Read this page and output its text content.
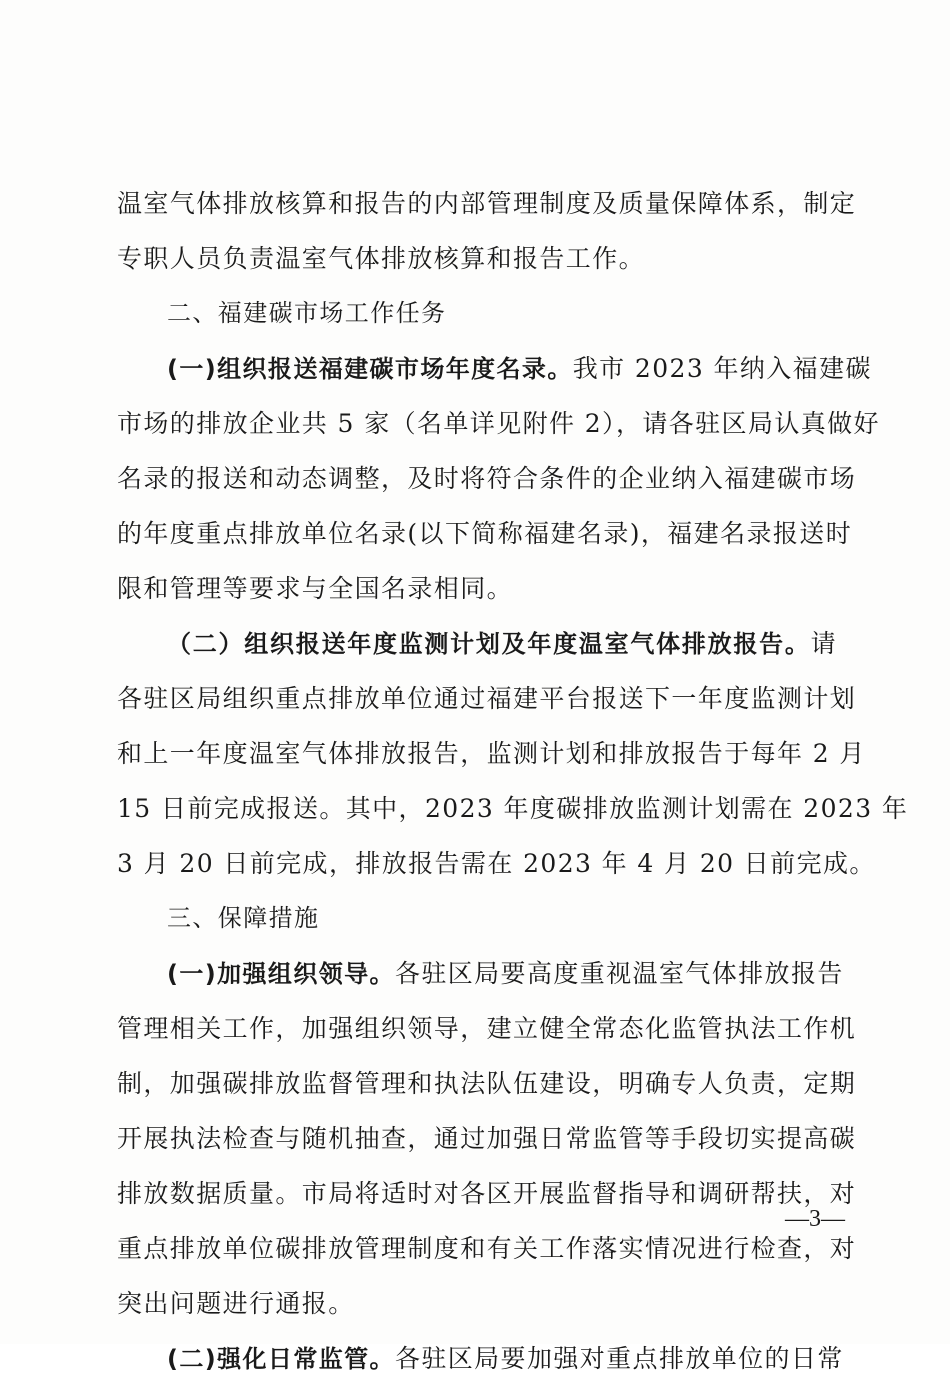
温室气体排放核算和报告的内部管理制度及质量保障体系，制定
专职人员负责温室气体排放核算和报告工作。
二、福建碳市场工作任务
(一)组织报送福建碳市场年度名录。我市 2023 年纳入福建碳
市场的排放企业共 5 家（名单详见附件 2），请各驻区局认真做好
名录的报送和动态调整，及时将符合条件的企业纳入福建碳市场
的年度重点排放单位名录(以下简称福建名录)，福建名录报送时
限和管理等要求与全国名录相同。
（二）组织报送年度监测计划及年度温室气体排放报告。请
各驻区局组织重点排放单位通过福建平台报送下一年度监测计划
和上一年度温室气体排放报告，监测计划和排放报告于每年 2 月
15 日前完成报送。其中，2023 年度碳排放监测计划需在 2023 年
3 月 20 日前完成，排放报告需在 2023 年 4 月 20 日前完成。
三、保障措施
(一)加强组织领导。各驻区局要高度重视温室气体排放报告
管理相关工作，加强组织领导，建立健全常态化监管执法工作机
制，加强碳排放监督管理和执法队伍建设，明确专人负责，定期
开展执法检查与随机抽查，通过加强日常监管等手段切实提高碳
排放数据质量。市局将适时对各区开展监督指导和调研帮扶，对
重点排放单位碳排放管理制度和有关工作落实情况进行检查，对
突出问题进行通报。
(二)强化日常监管。各驻区局要加强对重点排放单位的日常
—3—
